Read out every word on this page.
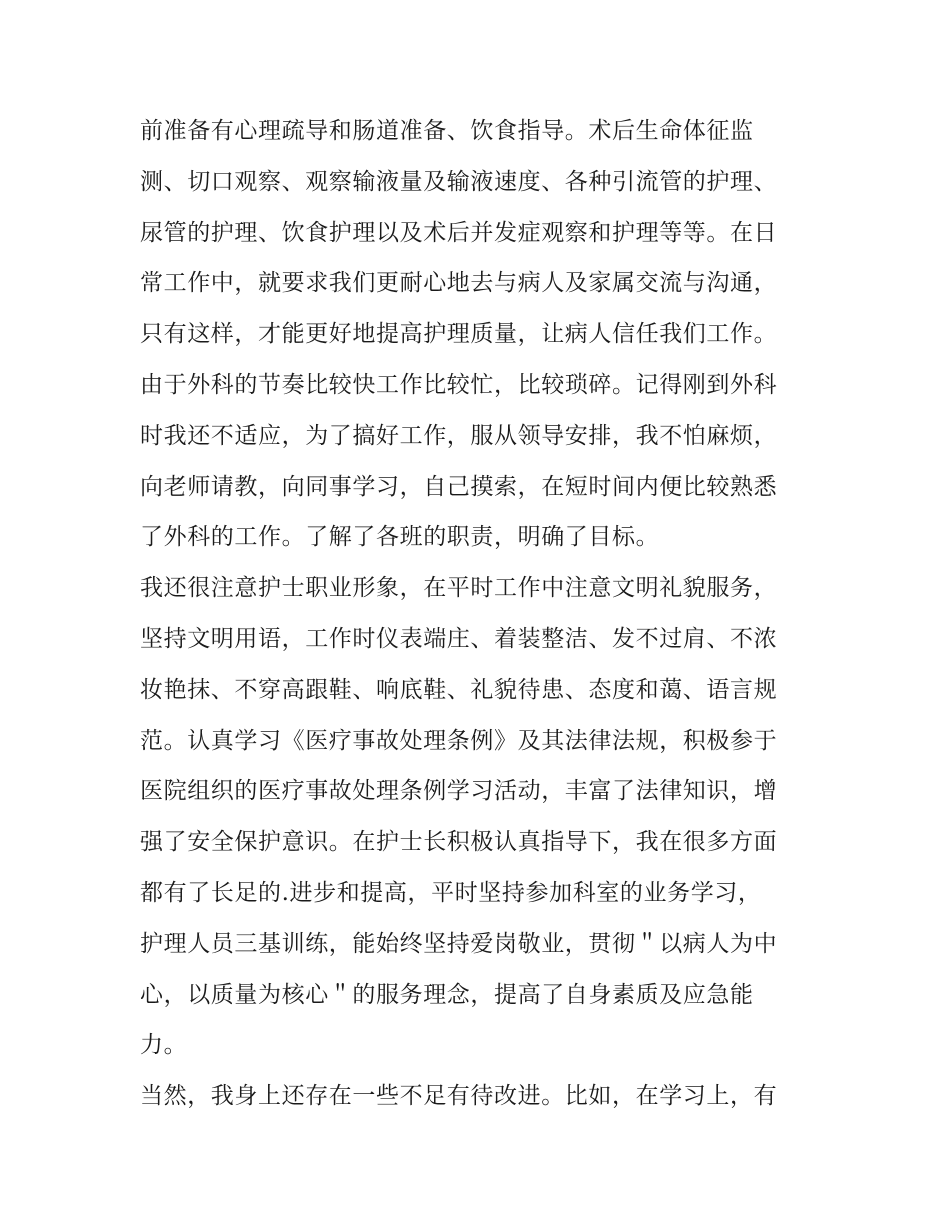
前准备有心理疏导和肠道准备、饮食指导。术后生命体征监
测、切口观察、观察输液量及输液速度、各种引流管的护理、
尿管的护理、饮食护理以及术后并发症观察和护理等等。在日
常工作中，就要求我们更耐心地去与病人及家属交流与沟通，
只有这样，才能更好地提高护理质量，让病人信任我们工作。
由于外科的节奏比较快工作比较忙，比较琐碎。记得刚到外科
时我还不适应，为了搞好工作，服从领导安排，我不怕麻烦，
向老师请教，向同事学习，自己摸索，在短时间内便比较熟悉
了外科的工作。了解了各班的职责，明确了目标。
我还很注意护士职业形象，在平时工作中注意文明礼貌服务，
坚持文明用语，工作时仪表端庄、着装整洁、发不过肩、不浓
妆艳抹、不穿高跟鞋、响底鞋、礼貌待患、态度和蔼、语言规
范。认真学习《医疗事故处理条例》及其法律法规，积极参于
医院组织的医疗事故处理条例学习活动，丰富了法律知识，增
强了安全保护意识。在护士长积极认真指导下，我在很多方面
都有了长足的.进步和提高，平时坚持参加科室的业务学习，
护理人员三基训练，能始终坚持爱岗敬业，贯彻＂以病人为中
心，以质量为核心＂的服务理念，提高了自身素质及应急能
力。
当然，我身上还存在一些不足有待改进。比如，在学习上，有
